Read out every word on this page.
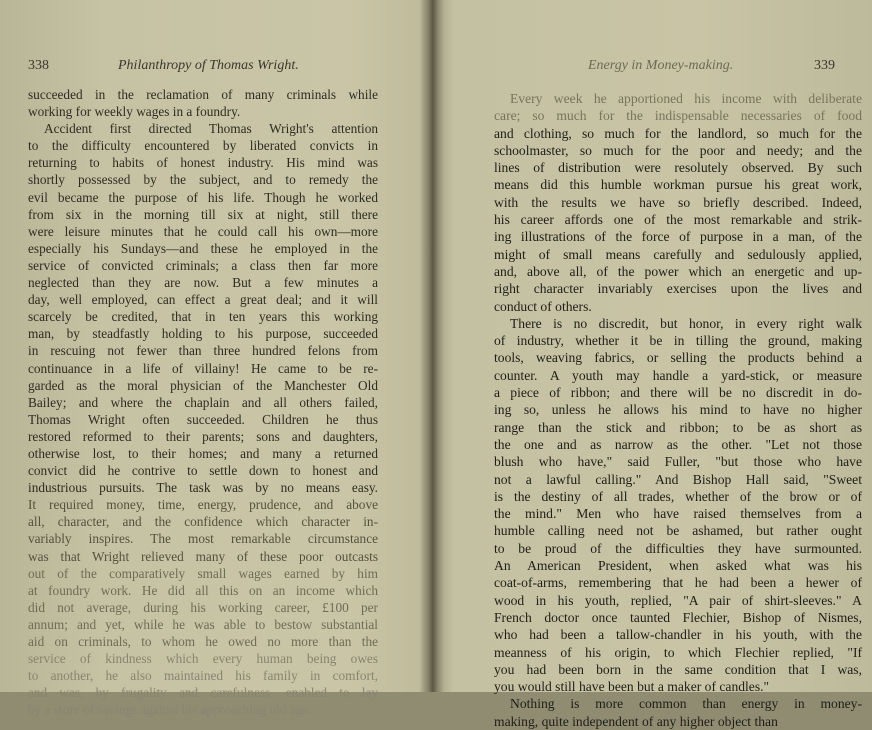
338	Philanthropy of Thomas Wright.
succeeded in the reclamation of many criminals while
working for weekly wages in a foundry.
Accident first directed Thomas Wright's attention
to the difficulty encountered by liberated convicts in
returning to habits of honest industry. His mind was
shortly possessed by the subject, and to remedy the
evil became the purpose of his life. Though he worked
from six in the morning till six at night, still there
were leisure minutes that he could call his own—more
especially his Sundays—and these he employed in the
service of convicted criminals; a class then far more
neglected than they are now. But a few minutes a
day, well employed, can effect a great deal; and it will
scarcely be credited, that in ten years this working
man, by steadfastly holding to his purpose, succeeded
in rescuing not fewer than three hundred felons from
continuance in a life of villainy! He came to be re-
garded as the moral physician of the Manchester Old
Bailey; and where the chaplain and all others failed,
Thomas Wright often succeeded. Children he thus
restored reformed to their parents; sons and daughters,
otherwise lost, to their homes; and many a returned
convict did he contrive to settle down to honest and
industrious pursuits. The task was by no means easy.
It required money, time, energy, prudence, and above
all, character, and the confidence which character in-
variably inspires. The most remarkable circumstance
was that Wright relieved many of these poor outcasts
out of the comparatively small wages earned by him
at foundry work. He did all this on an income which
did not average, during his working career, £100 per
annum; and yet, while he was able to bestow substantial
aid on criminals, to whom he owed no more than the
service of kindness which every human being owes
to another, he also maintained his family in comfort,
and was, by frugality and carefulness, enabled to lay
by a store of savings against his approaching old age.
Energy in Money-making.	339
Every week he apportioned his income with deliberate
care; so much for the indispensable necessaries of food
and clothing, so much for the landlord, so much for the
schoolmaster, so much for the poor and needy; and the
lines of distribution were resolutely observed. By such
means did this humble workman pursue his great work,
with the results we have so briefly described. Indeed,
his career affords one of the most remarkable and strik-
ing illustrations of the force of purpose in a man, of the
might of small means carefully and sedulously applied,
and, above all, of the power which an energetic and up-
right character invariably exercises upon the lives and
conduct of others.
There is no discredit, but honor, in every right walk
of industry, whether it be in tilling the ground, making
tools, weaving fabrics, or selling the products behind a
counter. A youth may handle a yard-stick, or measure
a piece of ribbon; and there will be no discredit in do-
ing so, unless he allows his mind to have no higher
range than the stick and ribbon; to be as short as
the one and as narrow as the other. "Let not those
blush who have," said Fuller, "but those who have
not a lawful calling." And Bishop Hall said, "Sweet
is the destiny of all trades, whether of the brow or of
the mind." Men who have raised themselves from a
humble calling need not be ashamed, but rather ought
to be proud of the difficulties they have surmounted.
An American President, when asked what was his
coat-of-arms, remembering that he had been a hewer of
wood in his youth, replied, "A pair of shirt-sleeves." A
French doctor once taunted Flechier, Bishop of Nismes,
who had been a tallow-chandler in his youth, with the
meanness of his origin, to which Flechier replied, "If
you had been born in the same condition that I was,
you would still have been but a maker of candles."
Nothing is more common than energy in money-
making, quite independent of any higher object than
